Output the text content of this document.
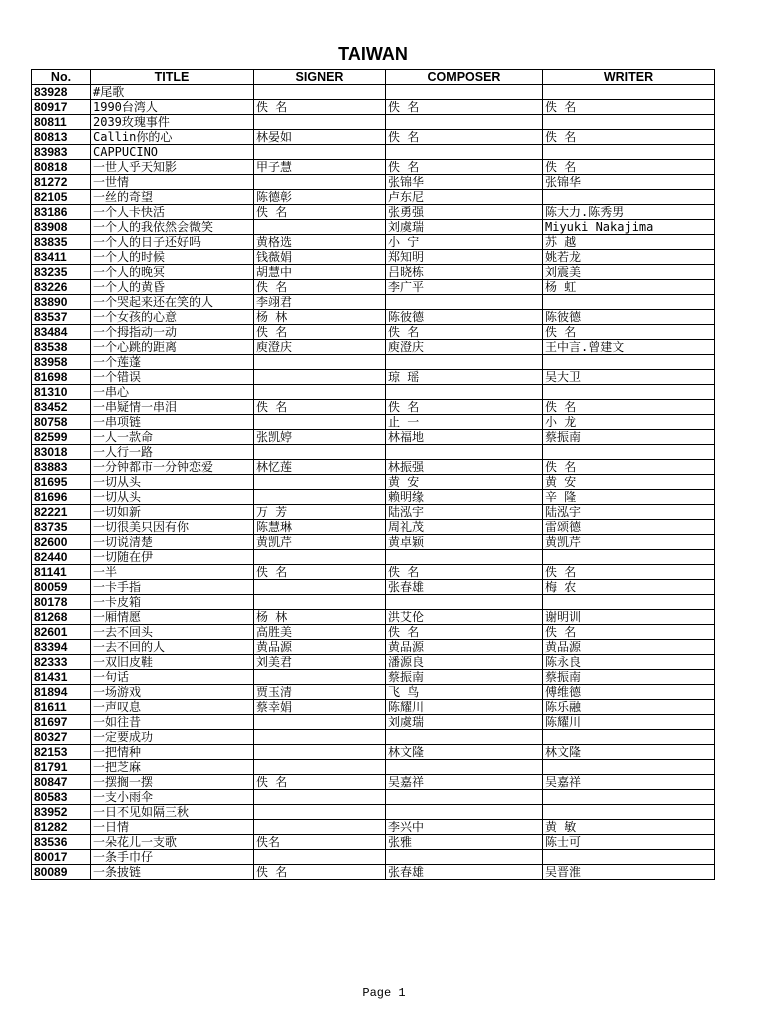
TAIWAN
No.	TITLE	SIGNER	COMPOSER	WRITER
83928	#尾歌			
80917	1990台湾人	佚 名	佚 名	佚 名
80811	2039玫瑰事件			
80813	Callin你的心	林晏如	佚 名	佚 名
83983	CAPPUCINO			
80818	一世人乎天知影	甲子慧	佚 名	佚 名
81272	一世情		张锦华	张锦华
82105	一丝的奇望	陈德彰	卢东尼	
83186	一个人卡快活	佚 名	张勇强	陈大力.陈秀男
83908	一个人的我依然会微笑		刘虞瑞	Miyuki Nakajima
83835	一个人的日子还好吗	黄格选	小 宁	苏 越
83411	一个人的时候	钱薇娟	郑知明	姚若龙
83235	一个人的晚冥	胡慧中	吕晓栋	刘震美
83226	一个人的黄昏	佚 名	李广平	杨 虹
83890	一个哭起来还在笑的人	李翊君		
83537	一个女孩的心意	杨 林	陈彼德	陈彼德
83484	一个拇指动一动	佚 名	佚 名	佚 名
83538	一个心跳的距离	庾澄庆	庾澄庆	王中言.曾建文
83958	一个莲蓬			
81698	一个错误		琼 瑶	吴大卫
81310	一串心			
83452	一串疑情一串泪	佚 名	佚 名	佚 名
80758	一串项链		止 一	小 龙
82599	一人一款命	张凯婷	林福地	蔡振南
83018	一人行一路			
83883	一分钟都市一分钟恋爱	林忆莲	林振强	佚 名
81695	一切从头		黄 安	黄 安
81696	一切从头		赖明缘	辛 隆
82221	一切如新	万 芳	陆泓宇	陆泓宇
83735	一切很美只因有你	陈慧琳	周礼茂	雷颂德
82600	一切说清楚	黄凯芹	黄卓颖	黄凯芹
82440	一切随在伊			
81141	一半	佚 名	佚 名	佚 名
80059	一卡手指		张春雄	梅 农
80178	一卡皮箱			
81268	一厢情愿	杨 林	洪艾伦	谢明训
82601	一去不回头	高胜美	佚 名	佚 名
83394	一去不回的人	黄品源	黄品源	黄品源
82333	一双旧皮鞋	刘美君	潘源良	陈永良
81431	一句话		蔡振南	蔡振南
81894	一场游戏	贾玉清	飞 鸟	傅维德
81611	一声叹息	蔡幸娟	陈耀川	陈乐融
81697	一如往昔		刘虞瑞	陈耀川
80327	一定要成功			
82153	一把情种		林文隆	林文隆
81791	一把芝麻			
80847	一摆搁一摆	佚 名	吴嘉祥	吴嘉祥
80583	一支小雨伞			
83952	一日不见如隔三秋			
81282	一日情		李兴中	黄 敏
83536	一朵花儿一支歌	佚名	张雅	陈士可
80017	一条手巾仔			
80089	一条披链	佚 名	张春雄	吴晋淮
Page 1
